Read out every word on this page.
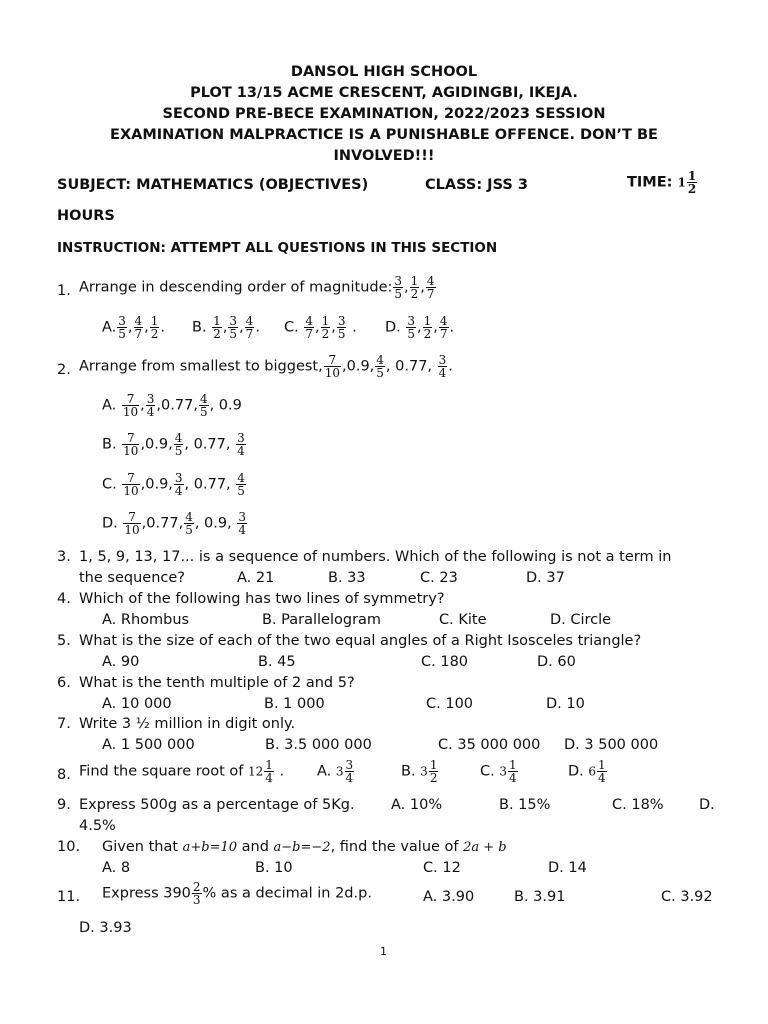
DANSOL HIGH SCHOOL
PLOT 13/15 ACME CRESCENT, AGIDINGBI, IKEJA.
SECOND PRE-BECE EXAMINATION, 2022/2023 SESSION
EXAMINATION MALPRACTICE IS A PUNISHABLE OFFENCE. DON’T BE
INVOLVED!!!
SUBJECT: MATHEMATICS (OBJECTIVES)	CLASS: JSS 3	TIME: $1 \frac{1}{2}$
HOURS
INSTRUCTION: ATTEMPT ALL QUESTIONS IN THIS SECTION
1. Arrange in descending order of magnitude: $\frac{3}{5}$ , $\frac{1}{2}$ , $\frac{4}{7}$
A. $\frac{3}{5}$ , $\frac{4}{7}$ , $\frac{1}{2}$ . B. $\frac{1}{2}$ , $\frac{3}{5}$ , $\frac{4}{7}$ . C. $\frac{4}{7}$ , $\frac{1}{2}$ , $\frac{3}{5}$ . D. $\frac{3}{5}$ , $\frac{1}{2}$ , $\frac{4}{7}$ .
2. Arrange from smallest to biggest, $\frac{7}{10} ,0.9$, $\frac{4}{5}$ , 0.77, $\frac{3}{4}$ .
A. $\frac{7}{10}$ , $\frac{3}{4} ,0.77$, $\frac{4}{5}$ , 0.9
B. $\frac{7}{10} ,0.9$, $\frac{4}{5}$ , 0.77, $\frac{3}{4}$
C. $\frac{7}{10} ,0.9$, $\frac{3}{4}$ , 0.77, $\frac{4}{5}$
D. $\frac{7}{10} ,0.77$, $\frac{4}{5}$ , 0.9, $\frac{3}{4}$
3. 1, 5, 9, 13, 17... is a sequence of numbers. Which of the following is not a term in
the sequence?	A. 21	B. 33	C. 23	D. 37
4. Which of the following has two lines of symmetry?
A. Rhombus	B. Parallelogram	C. Kite	D. Circle
5. What is the size of each of the two equal angles of a Right Isosceles triangle?
A. 90	B. 45	C. 180	D. 60
6. What is the tenth multiple of 2 and 5?
A. 10 000	B. 1 000	C. 100	D. 10
7. Write 3 ½ million in digit only.
A. 1 500 000	B. 3.5 000 000	C. 35 000 000 D. 3 500 000
8. Find the square root of $12 \frac{1}{4}$ . A. $3 \frac{3}{4}$	B. $3 \frac{1}{2}$	C. $3 \frac{1}{4}$	D. $6 \frac{1}{4}$
9. Express 500g as a percentage of 5Kg.	A. 10%	B. 15%	C. 18% D.
4.5%
10. Given that a+b=10 and a−b=−2, find the value of 2a + b
A. 8	B. 10	C. 12	D. 14
11. Express $390 \frac{2}{3}$ % as a decimal in 2d.p.	A. 3.90	B. 3.91	C. 3.92
D. 3.93
1
